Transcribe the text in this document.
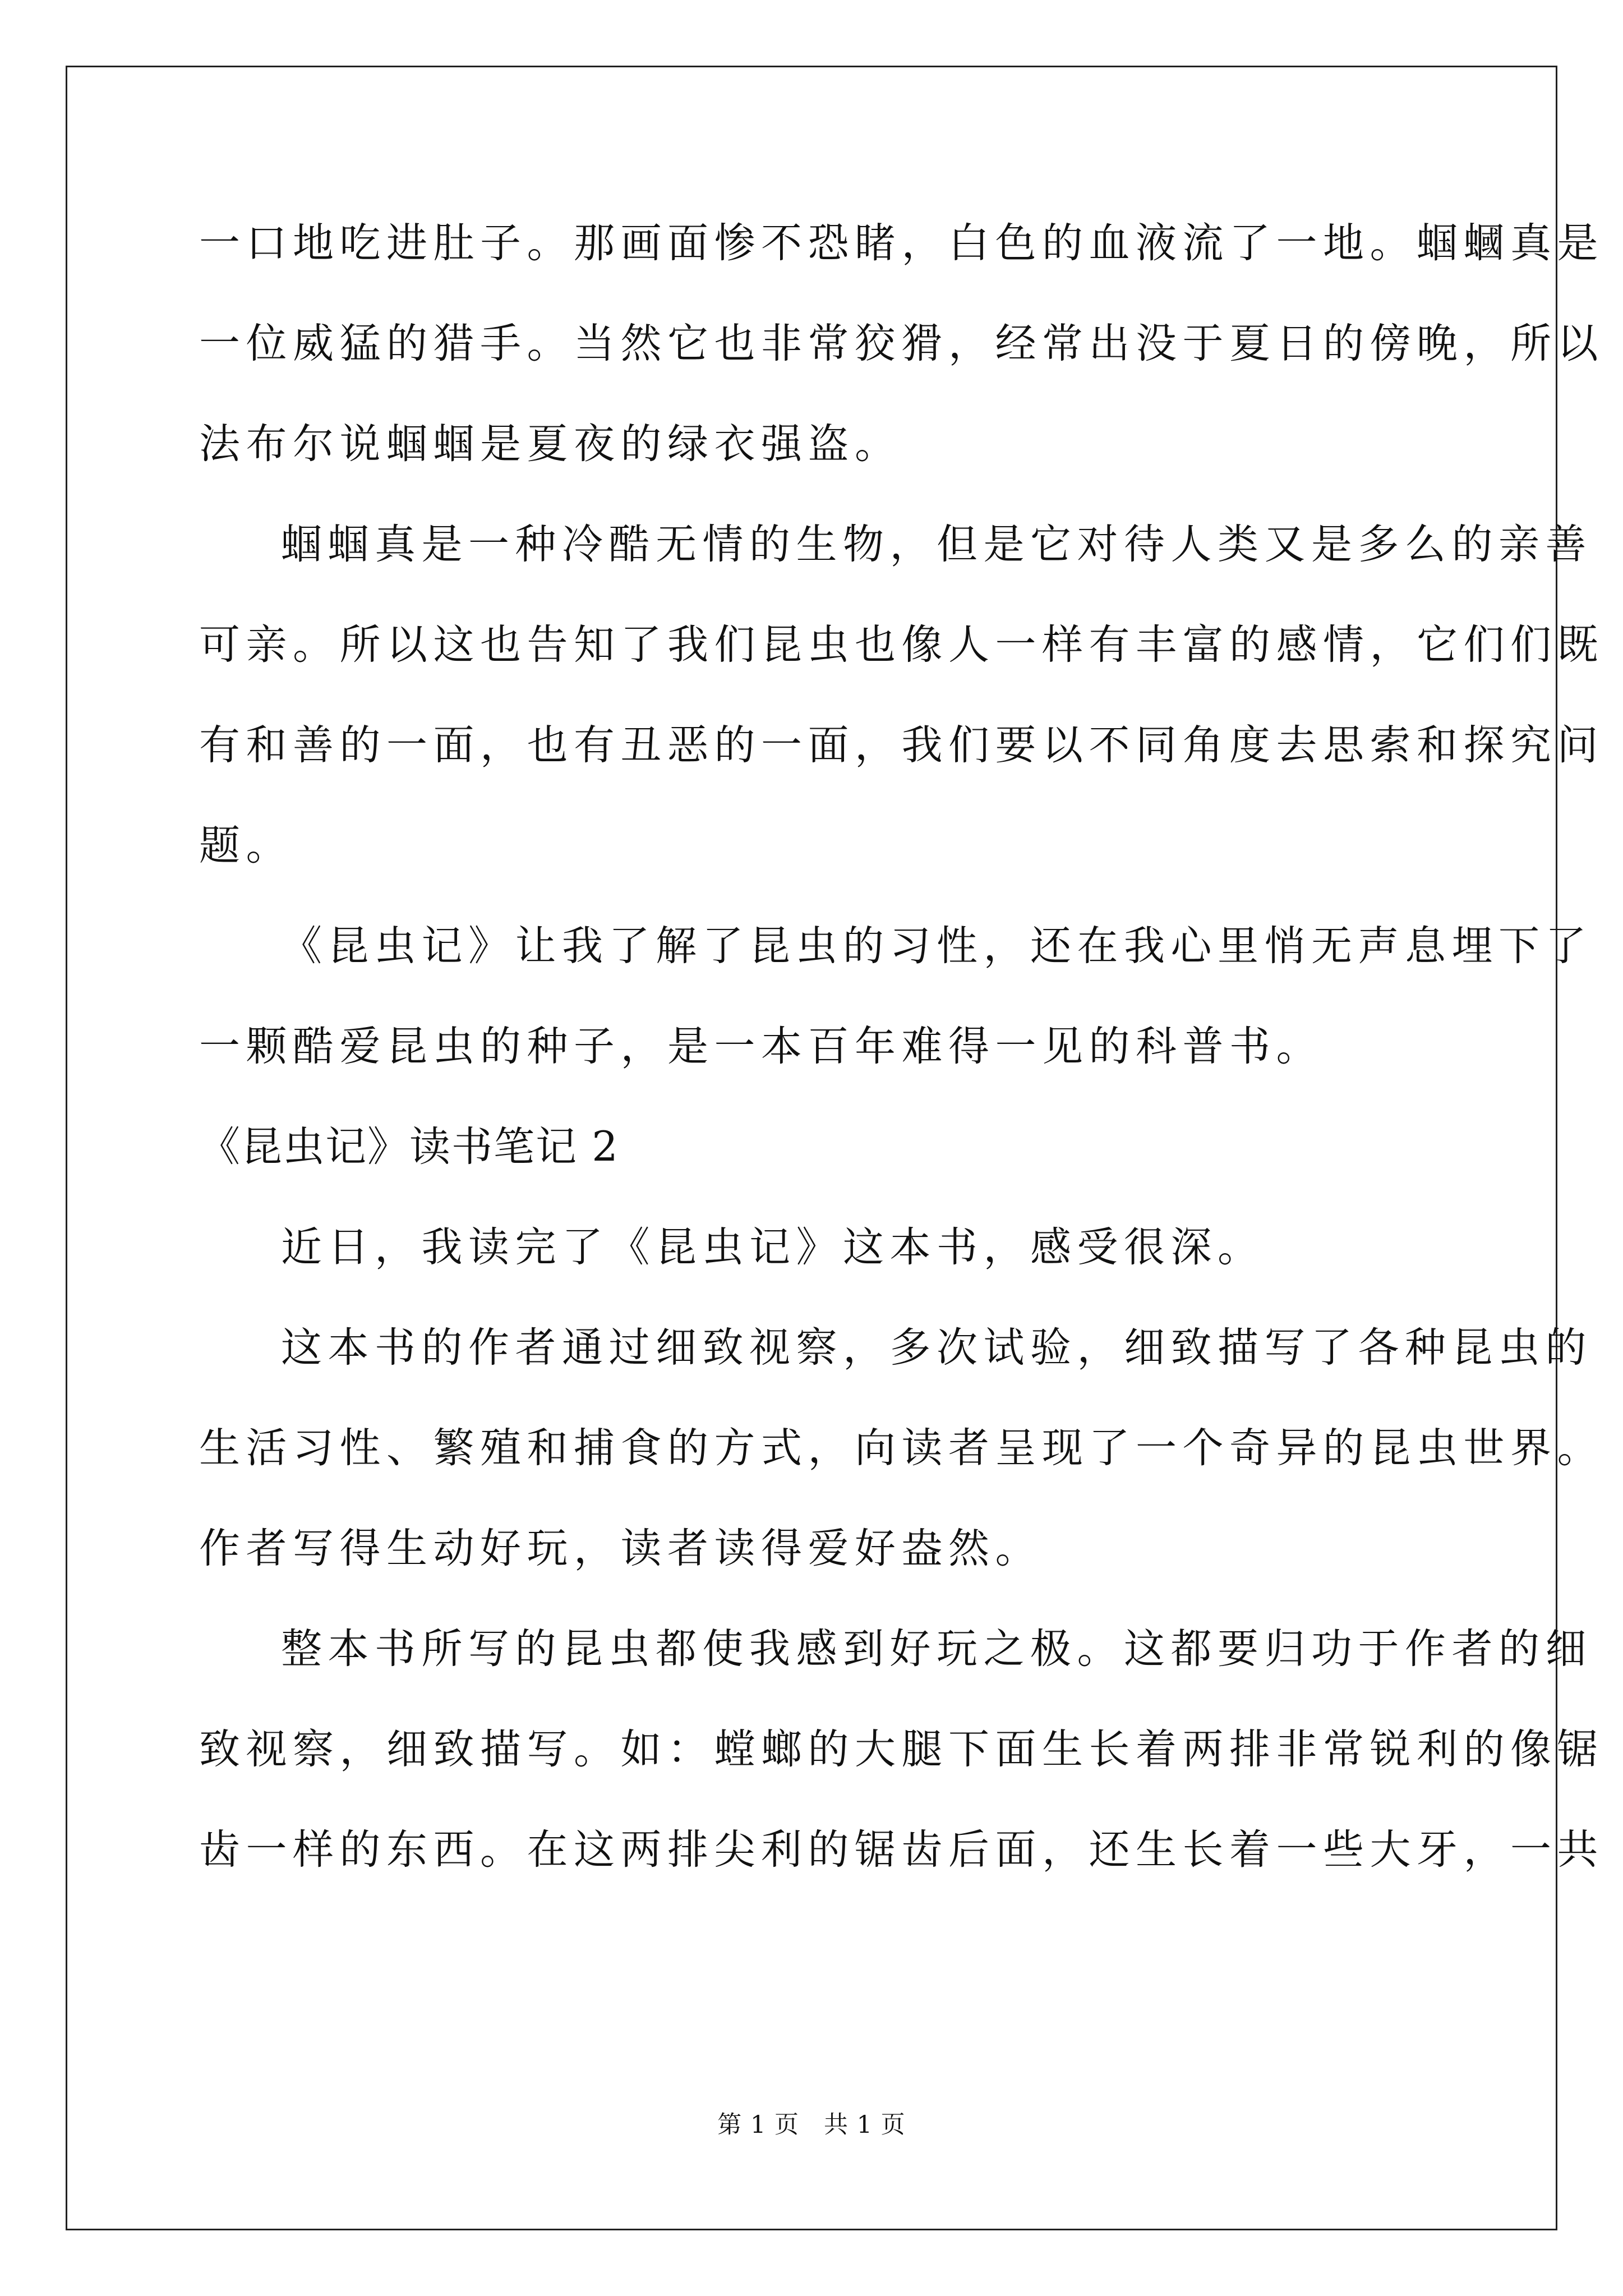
一口地吃进肚子。那画面惨不恐睹，白色的血液流了一地。蝈蟈真是
一位威猛的猎手。当然它也非常狡猾，经常出没于夏日的傍晚，所以
法布尔说蝈蝈是夏夜的绿衣强盗。
蝈蝈真是一种冷酷无情的生物，但是它对待人类又是多么的亲善
可亲。所以这也告知了我们昆虫也像人一样有丰富的感情，它们们既
有和善的一面，也有丑恶的一面，我们要以不同角度去思索和探究问
题。
《昆虫记》让我了解了昆虫的习性，还在我心里悄无声息埋下了
一颗酷爱昆虫的种子，是一本百年难得一见的科普书。
《昆虫记》读书笔记 2
近日，我读完了《昆虫记》这本书，感受很深。
这本书的作者通过细致视察，多次试验，细致描写了各种昆虫的
生活习性、繁殖和捕食的方式，向读者呈现了一个奇异的昆虫世界。
作者写得生动好玩，读者读得爱好盎然。
整本书所写的昆虫都使我感到好玩之极。这都要归功于作者的细
致视察，细致描写。如：螳螂的大腿下面生长着两排非常锐利的像锯
齿一样的东西。在这两排尖利的锯齿后面，还生长着一些大牙，一共
第 1 页　共 1 页
